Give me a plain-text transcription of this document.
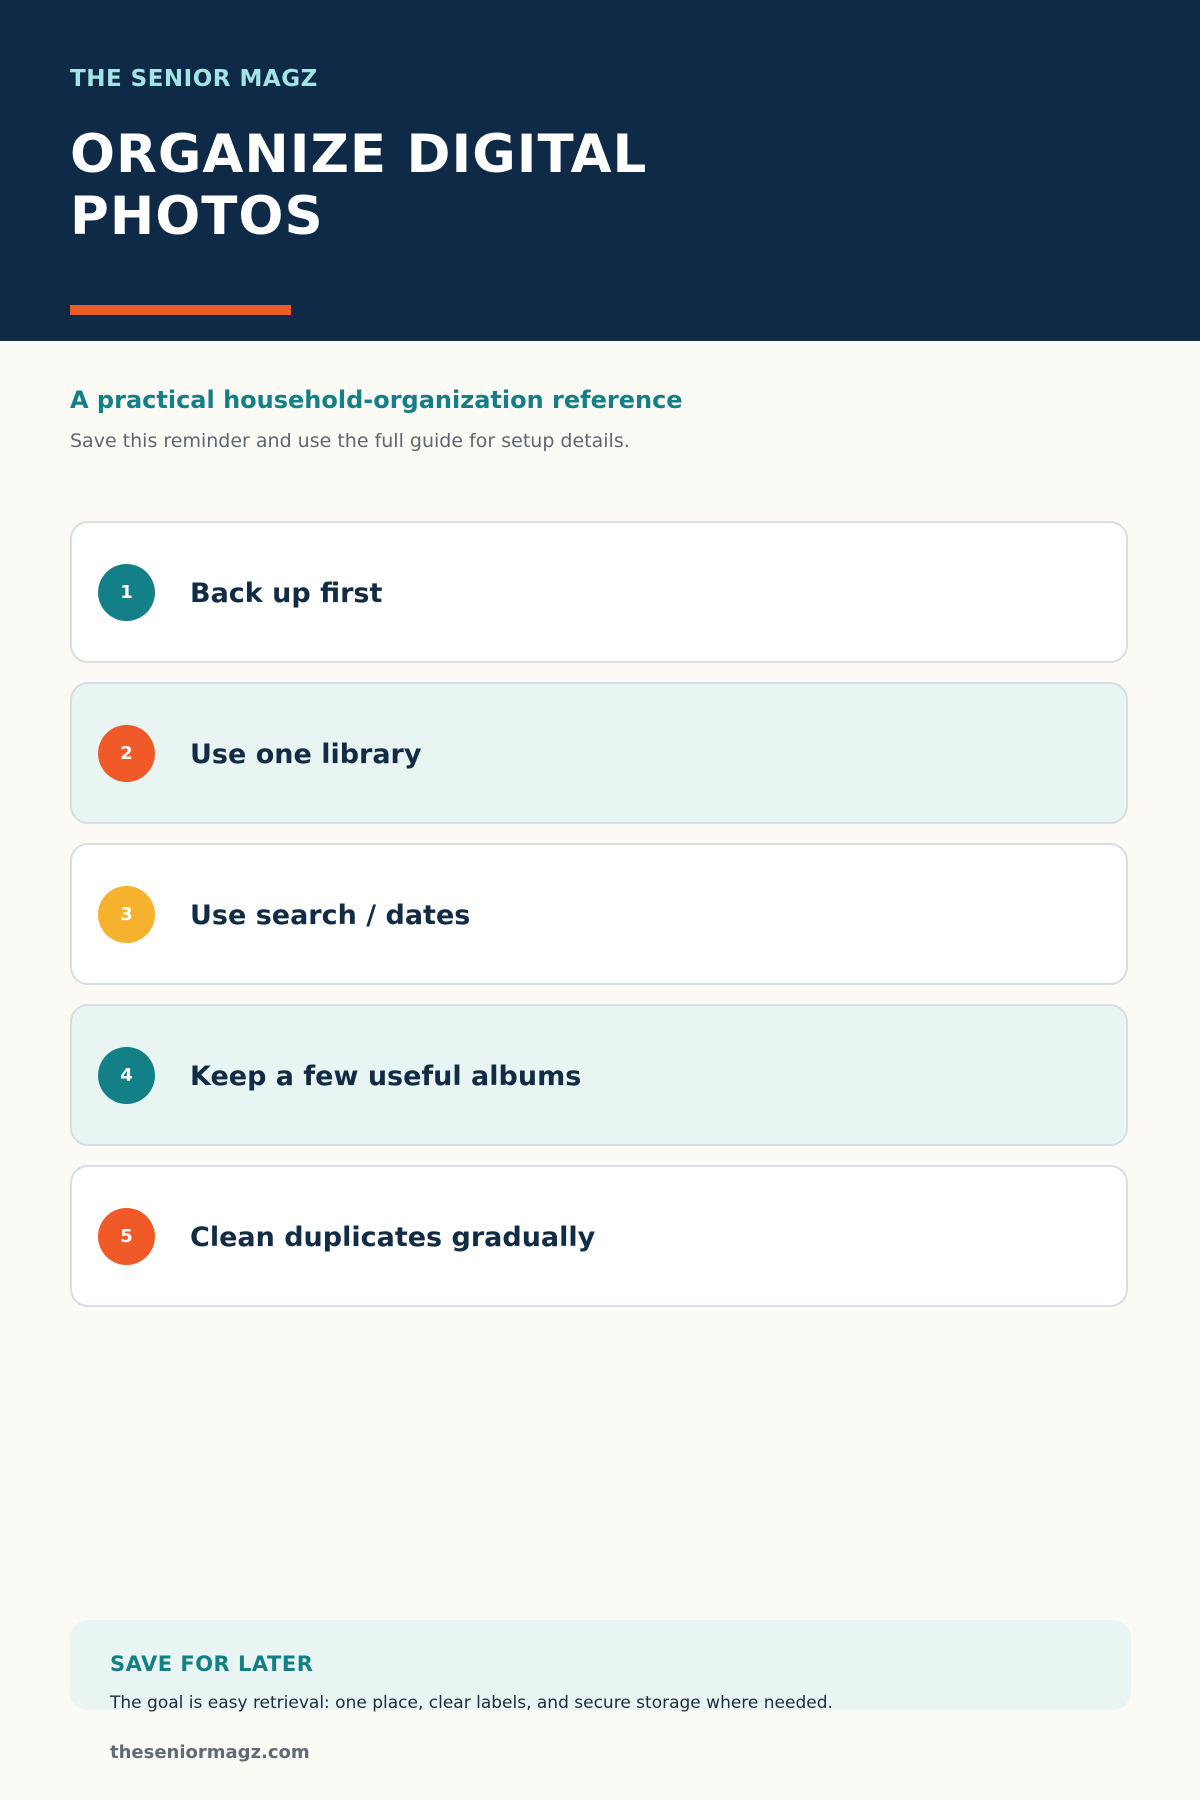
THE SENIOR MAGZ
ORGANIZE DIGITAL PHOTOS
A practical household-organization reference
Save this reminder and use the full guide for setup details.
1	Back up first
2	Use one library
3	Use search / dates
4	Keep a few useful albums
5	Clean duplicates gradually
SAVE FOR LATER
The goal is easy retrieval: one place, clear labels, and secure storage where needed.
theseniormagz.com
